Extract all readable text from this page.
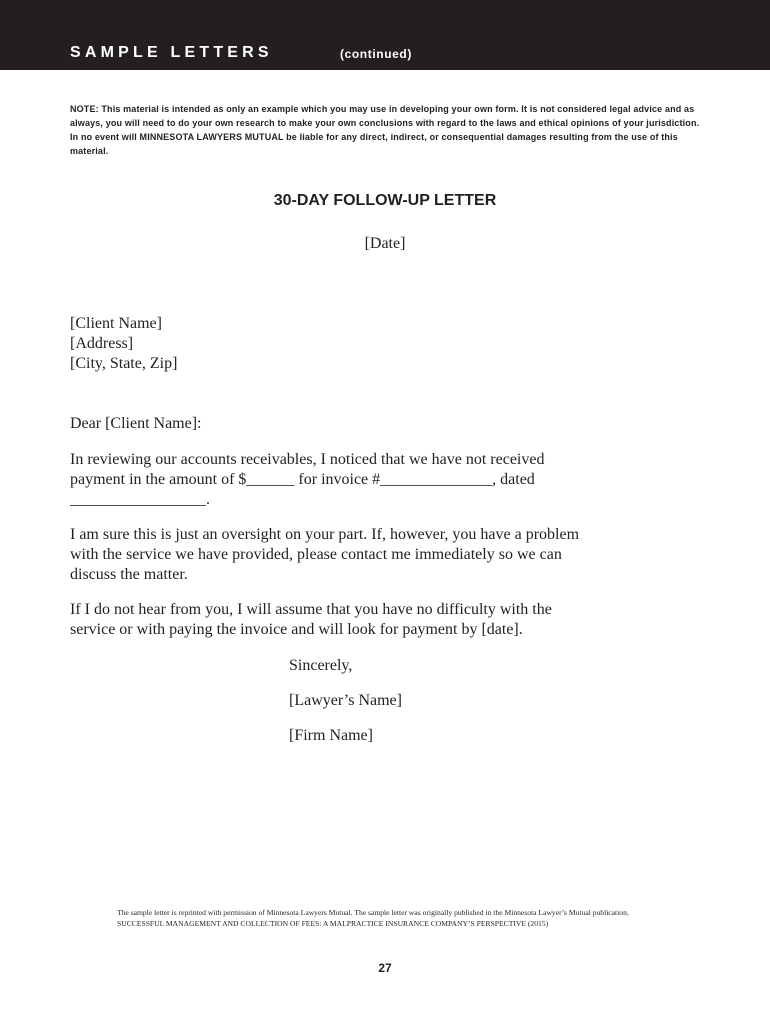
SAMPLE LETTERS	(continued)

NOTE: This material is intended as only an example which you may use in developing your own form. It is not considered legal advice and as always, you will need to do your own research to make your own conclusions with regard to the laws and ethical opinions of your jurisdiction. In no event will MINNESOTA LAWYERS MUTUAL be liable for any direct, indirect, or consequential damages resulting from the use of this material.

30-DAY FOLLOW-UP LETTER
[Date]
[Client Name]
[Address]
[City, State, Zip]
Dear [Client Name]:
In reviewing our accounts receivables, I noticed that we have not received
payment in the amount of $______ for invoice #______________, dated
_________________.
I am sure this is just an oversight on your part. If, however, you have a problem
with the service we have provided, please contact me immediately so we can
discuss the matter.
If I do not hear from you, I will assume that you have no difficulty with the
service or with paying the invoice and will look for payment by [date].
Sincerely,
[Lawyer’s Name]
[Firm Name]

The sample letter is reprinted with permission of Minnesota Lawyers Mutual. The sample letter was originally published in the Minnesota Lawyer’s Mutual publication, SUCCESSFUL MANAGEMENT AND COLLECTION OF FEES: A MALPRACTICE INSURANCE COMPANY’S PERSPECTIVE (2015)

27
